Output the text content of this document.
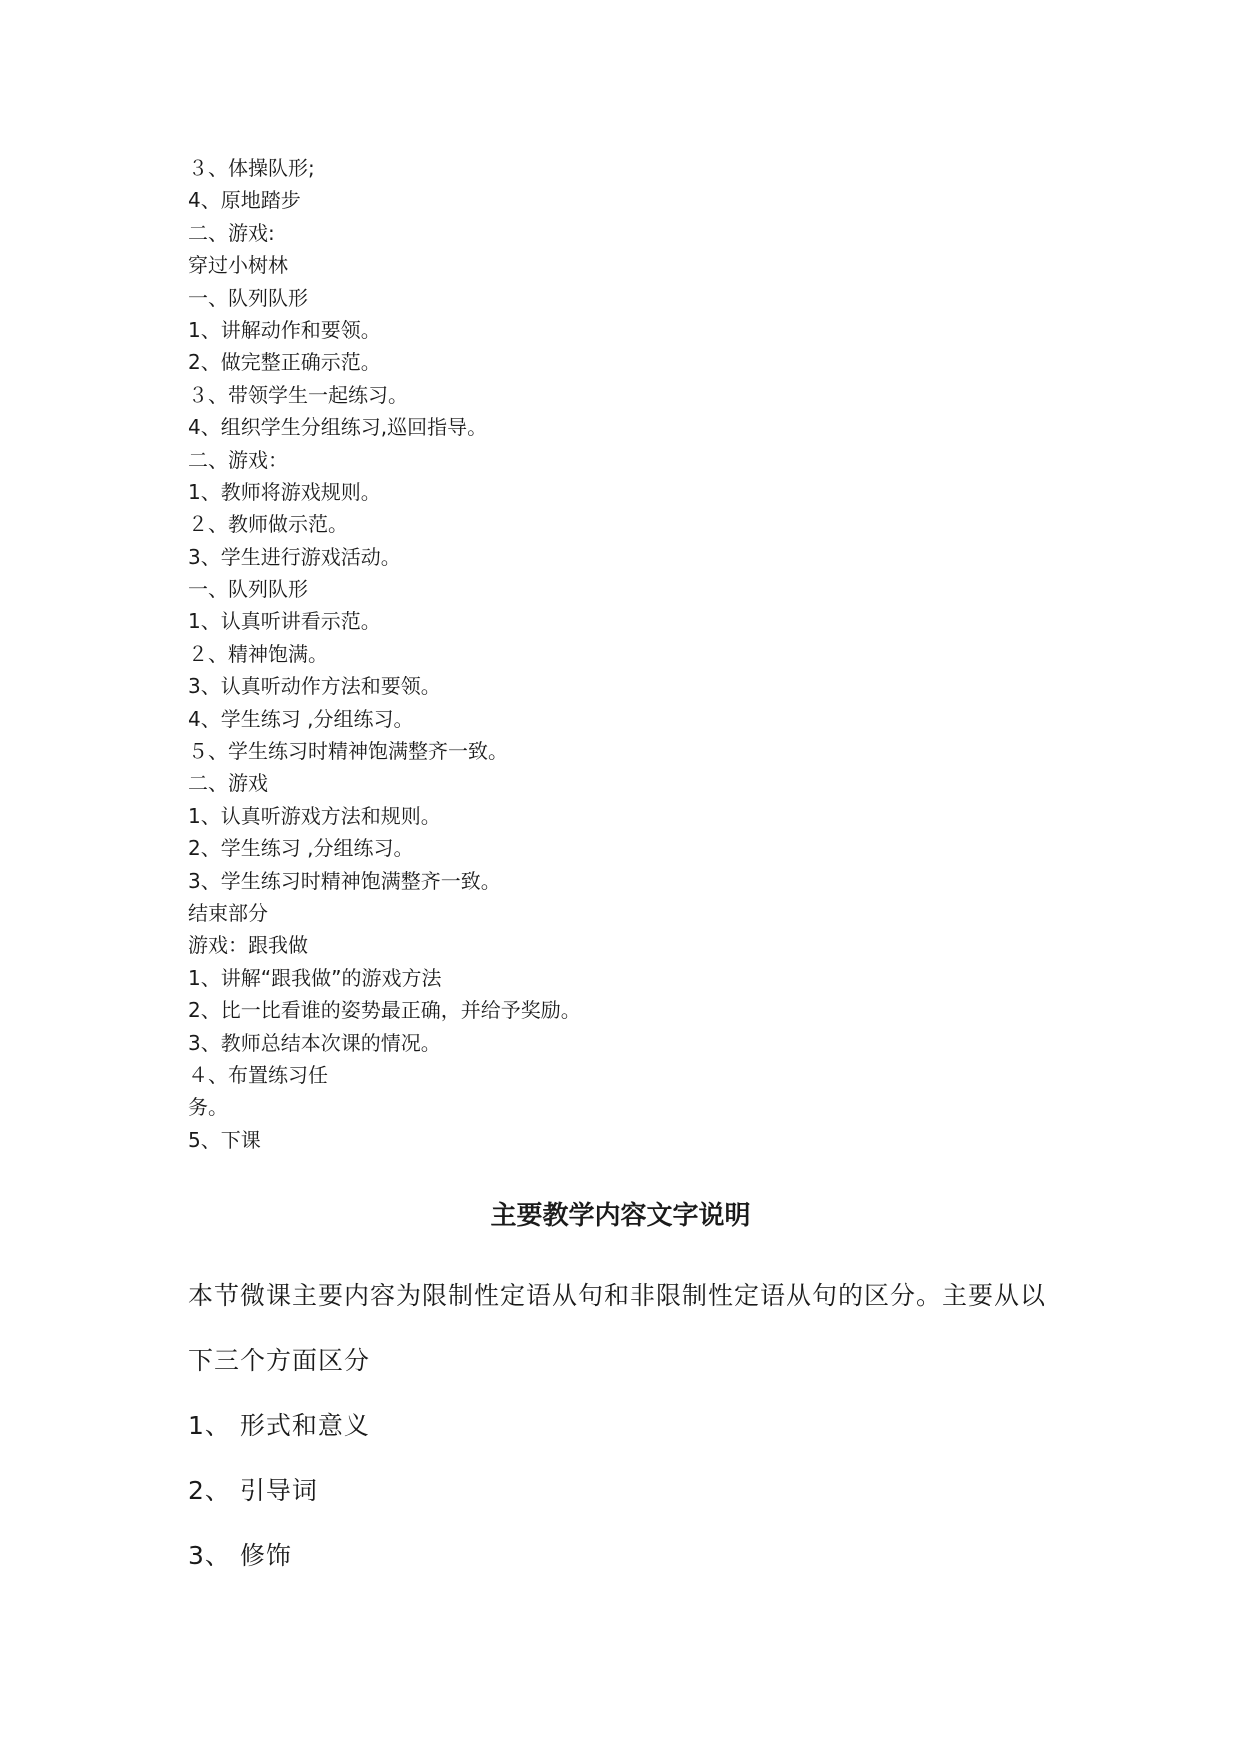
３、体操队形;
4、原地踏步
二、游戏:
穿过小树林
一、队列队形
1、讲解动作和要领。
2、做完整正确示范。
３、带领学生一起练习。
4、组织学生分组练习,巡回指导。
二、游戏：
1、教师将游戏规则。
２、教师做示范。
3、学生进行游戏活动。
一、队列队形
1、认真听讲看示范。
２、精神饱满。
3、认真听动作方法和要领。
4、学生练习 ,分组练习。
５、学生练习时精神饱满整齐一致。
二、游戏
1、认真听游戏方法和规则。
2、学生练习 ,分组练习。
3、学生练习时精神饱满整齐一致。
结束部分
游戏：跟我做
1、讲解“跟我做”的游戏方法
2、比一比看谁的姿势最正确，并给予奖励。
3、教师总结本次课的情况。
４、布置练习任
务。
5、下课
主要教学内容文字说明
本节微课主要内容为限制性定语从句和非限制性定语从句的区分。主要从以
下三个方面区分
1、 形式和意义
2、 引导词
3、 修饰
